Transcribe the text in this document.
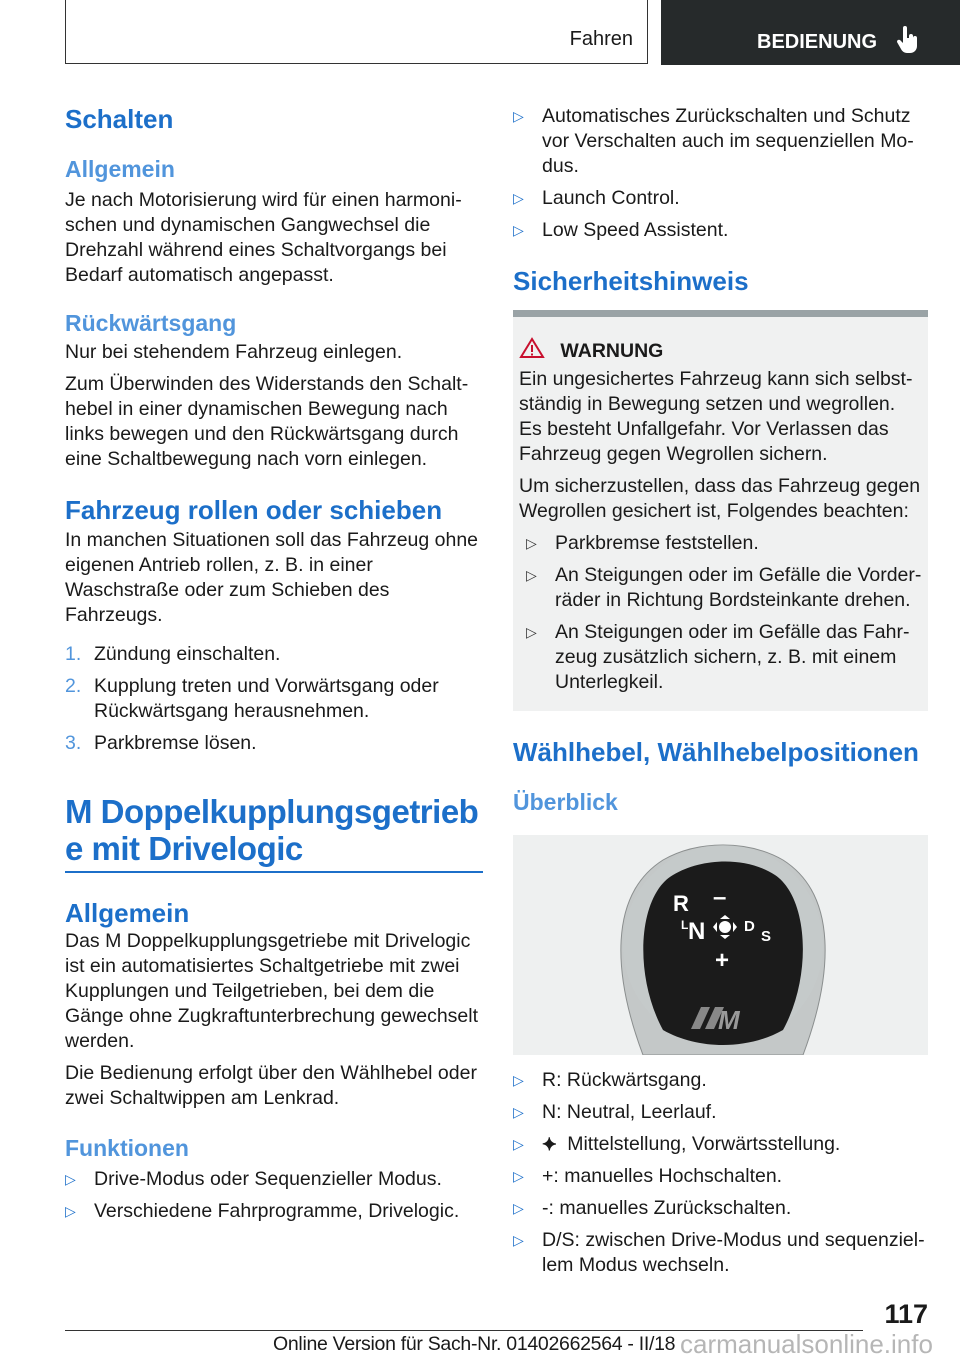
Fahren	BEDIENUNG
Schalten
Allgemein

Je nach Motorisierung wird für einen harmonischen und dynamischen Gangwechsel die Drehzahl während eines Schaltvorgangs bei Bedarf automatisch angepasst.

Rückwärtsgang

Nur bei stehendem Fahrzeug einlegen.

Zum Überwinden des Widerstands den Schalthebel in einer dynamischen Bewegung nach links bewegen und den Rückwärtsgang durch eine Schaltbewegung nach vorn einlegen.

Fahrzeug rollen oder schieben

In manchen Situationen soll das Fahrzeug ohne eigenen Antrieb rollen, z. B. in einer Waschstraße oder zum Schieben des Fahrzeugs.

1. Zündung einschalten.
2. Kupplung treten und Vorwärtsgang oder Rückwärtsgang herausnehmen.
3. Parkbremse lösen.
M Doppelkupplungsgetrieb e mit Drivelogic
Allgemein

Das M Doppelkupplungsgetriebe mit Drivelogic ist ein automatisiertes Schaltgetriebe mit zwei Kupplungen und Teilgetrieben, bei dem die Gänge ohne Zugkraftunterbrechung gewechselt werden.

Die Bedienung erfolgt über den Wählhebel oder zwei Schaltwippen am Lenkrad.

Funktionen
▷ Drive-Modus oder Sequenzieller Modus.
▷ Verschiedene Fahrprogramme, Drivelogic.
▷ Automatisches Zurückschalten und Schutz vor Verschalten auch im sequenziellen Modus.
▷ Launch Control.
▷ Low Speed Assistent.
Sicherheitshinweis
WARNUNG

Ein ungesichertes Fahrzeug kann sich selbstständig in Bewegung setzen und wegrollen. Es besteht Unfallgefahr. Vor Verlassen das Fahrzeug gegen Wegrollen sichern.

Um sicherzustellen, dass das Fahrzeug gegen Wegrollen gesichert ist, Folgendes beachten:

▷ Parkbremse feststellen.
▷ An Steigungen oder im Gefälle die Vorderräder in Richtung Bordsteinkante drehen.
▷ An Steigungen oder im Gefälle das Fahrzeug zusätzlich sichern, z. B. mit einem Unterlegkeil.
Wählhebel, Wählhebelpositionen
Überblick
R –
L N	D
S
+
M
▷ R: Rückwärtsgang.
▷ N: Neutral, Leerlauf.
▷ ⯌ Mittelstellung, Vorwärtsstellung.
▷ +: manuelles Hochschalten.
▷ -: manuelles Zurückschalten.
▷ D/S: zwischen Drive-Modus und sequenziellem Modus wechseln.
117
Online Version für Sach-Nr. 01402662564 - II/18 carmanualsonline.info
